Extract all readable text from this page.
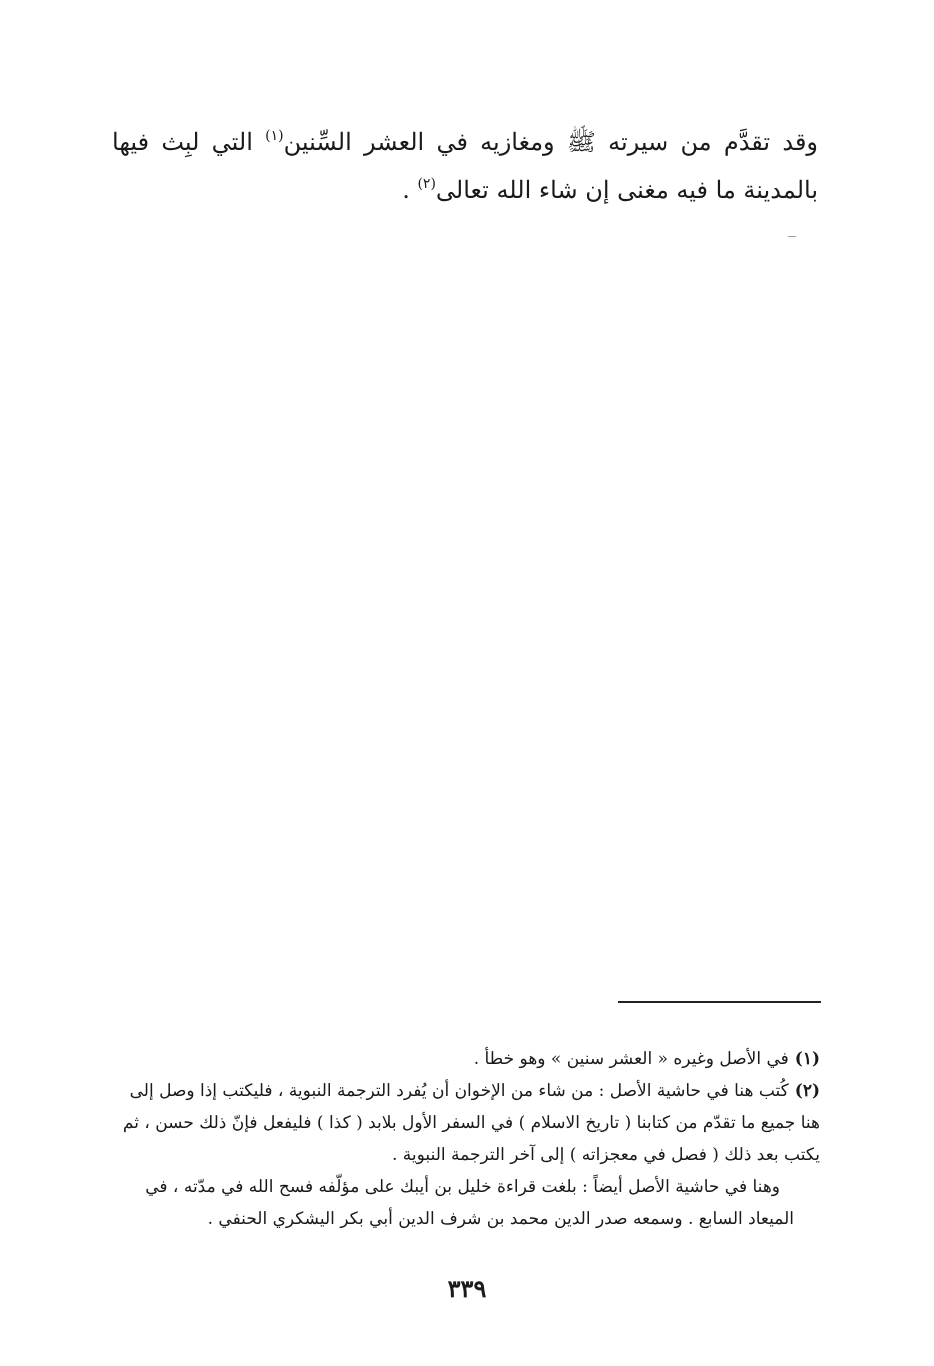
وقد تقدَّم من سيرته ﷺ ومغازيه في العشر السِّنين$^{(١)}$ التي لبِث فيها بالمدينة ما فيه مغنى إن شاء الله تعالى$^{(٢)}$ .

(١)في الأصل وغيره « العشر سنين » وهو خطأ .

(٢)كُتب هنا في حاشية الأصل : من شاء من الإخوان أن يُفرد الترجمة النبوية ، فليكتب إذا وصل إلى هنا جميع ما تقدّم من كتابنا ( تاريخ الاسلام ) في السفر الأول بلابد ( كذا ) فليفعل فإنّ ذلك حسن ، ثم يكتب بعد ذلك ( فصل في معجزاته ) إلى آخر الترجمة النبوية .

وهنا في حاشية الأصل أيضاً : بلغت قراءة خليل بن أيبك على مؤلّفه فسح الله في مدّته ، في الميعاد السابع . وسمعه صدر الدين محمد بن شرف الدين أبي بكر اليشكري الحنفي .

٣٣٩
